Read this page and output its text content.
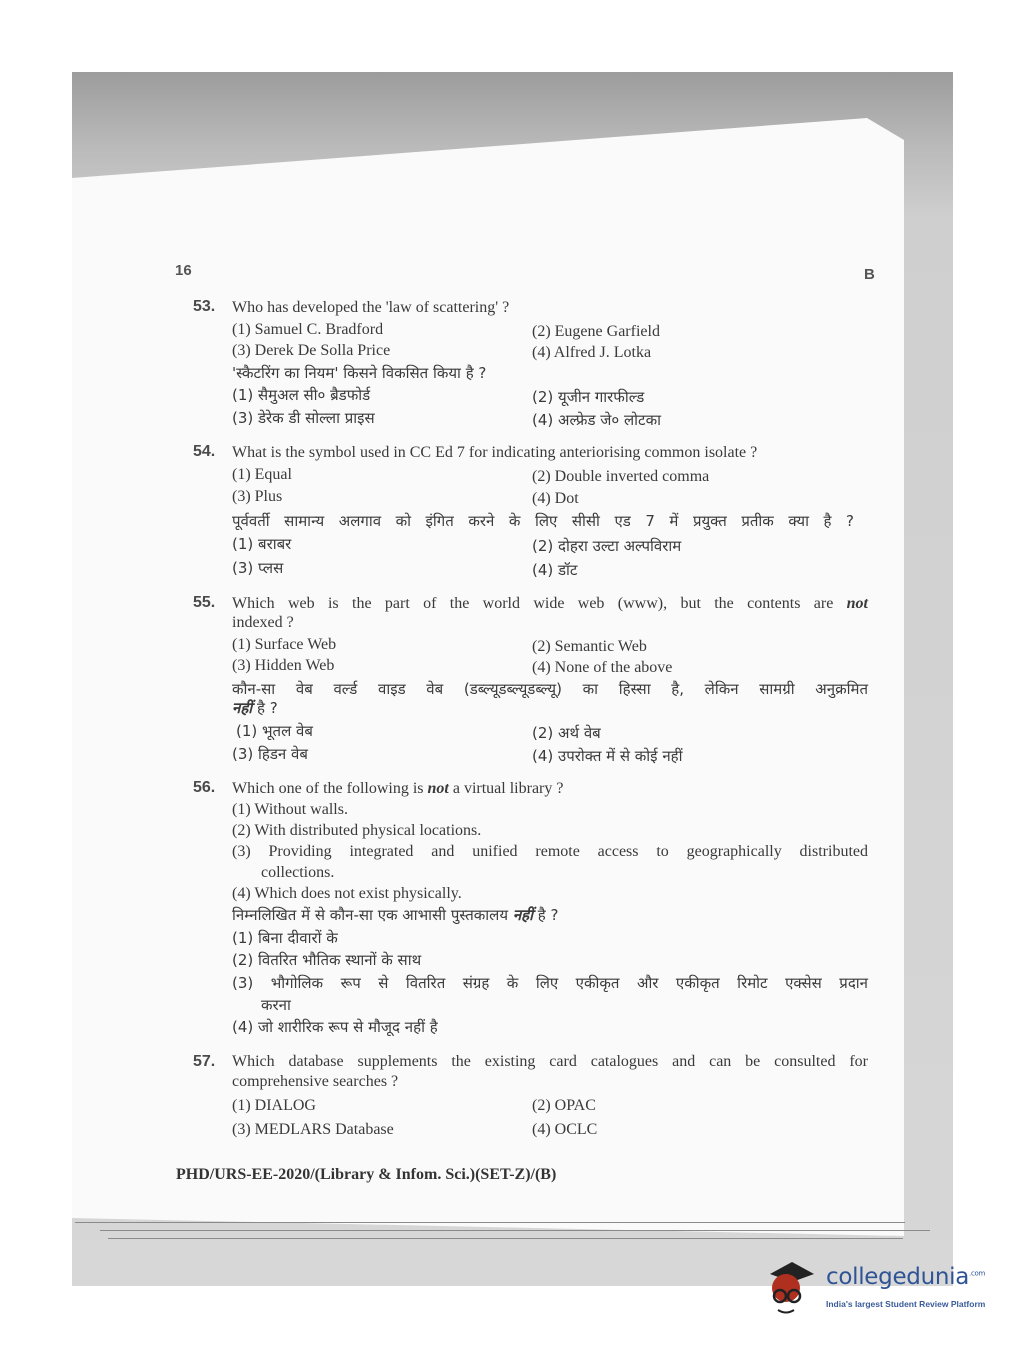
16	B
53. Who has developed the 'law of scattering' ?
(1) Samuel C. Bradford	(2) Eugene Garfield
(3) Derek De Solla Price	(4) Alfred J. Lotka
'स्कैटरिंग का नियम' किसने विकसित किया है ?
(1) सैमुअल सी० ब्रैडफोर्ड	(2) यूजीन गारफील्ड
(3) डेरेक डी सोल्ला प्राइस	(4) अल्फ्रेड जे० लोटका
54. What is the symbol used in CC Ed 7 for indicating anteriorising common isolate ?
(1) Equal	(2) Double inverted comma
(3) Plus	(4) Dot
पूर्ववर्ती सामान्य अलगाव को इंगित करने के लिए सीसी एड 7 में प्रयुक्त प्रतीक क्या है ?
(1) बराबर	(2) दोहरा उल्टा अल्पविराम
(3) प्लस	(4) डॉट
55. Which web is the part of the world wide web (www), but the contents are not
indexed ?
(1) Surface Web	(2) Semantic Web
(3) Hidden Web	(4) None of the above
कौन-सा वेब वर्ल्ड वाइड वेब (डब्ल्यूडब्ल्यूडब्ल्यू) का हिस्सा है, लेकिन सामग्री अनुक्रमित
नहीं है ?
(1) भूतल वेब	(2) अर्थ वेब
(3) हिडन वेब	(4) उपरोक्त में से कोई नहीं
56. Which one of the following is not a virtual library ?
(1) Without walls.
(2) With distributed physical locations.
(3) Providing integrated and unified remote access to geographically distributed
collections.
(4) Which does not exist physically.
निम्नलिखित में से कौन-सा एक आभासी पुस्तकालय नहीं है ?
(1) बिना दीवारों के
(2) वितरित भौतिक स्थानों के साथ
(3) भौगोलिक रूप से वितरित संग्रह के लिए एकीकृत और एकीकृत रिमोट एक्सेस प्रदान
करना
(4) जो शारीरिक रूप से मौजूद नहीं है
57. Which database supplements the existing card catalogues and can be consulted for
comprehensive searches ?
(1) DIALOG	(2) OPAC
(3) MEDLARS Database	(4) OCLC
PHD/URS-EE-2020/(Library & Infom. Sci.)(SET-Z)/(B)
collegedunia$^{.com}$
India's largest Student Review Platform
